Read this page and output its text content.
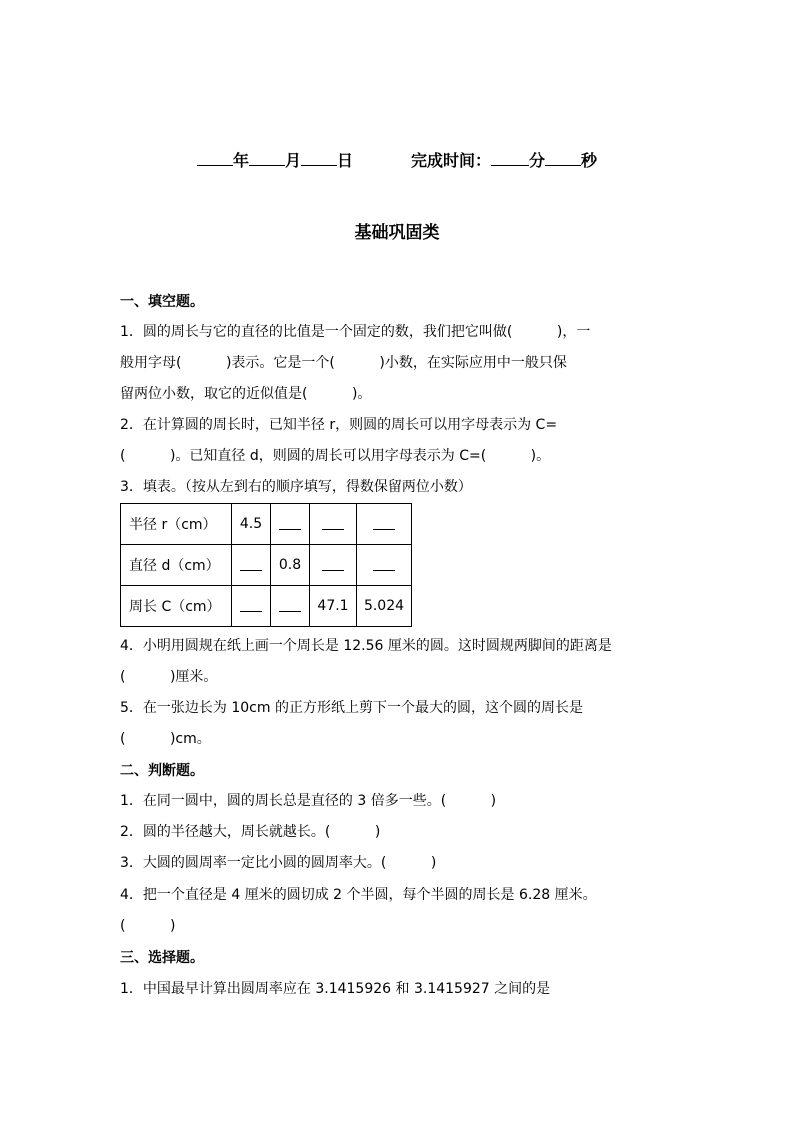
年 月 日	完成时间： 分 秒
基础巩固类
一、填空题。
1．圆的周长与它的直径的比值是一个固定的数，我们把它叫做(          )，一
般用字母(          )表示。它是一个(          )小数，在实际应用中一般只保
留两位小数，取它的近似值是(          )。
2．在计算圆的周长时，已知半径 r，则圆的周长可以用字母表示为 C=
(          )。已知直径 d，则圆的周长可以用字母表示为 C=(          )。
3．填表。（按从左到右的顺序填写，得数保留两位小数）
半径 r（cm）	4.5			
直径 d（cm）		0.8		
周长 C（cm）			47.1	5.024
4．小明用圆规在纸上画一个周长是 12.56 厘米的圆。这时圆规两脚间的距离是
(          )厘米。
5．在一张边长为 10cm 的正方形纸上剪下一个最大的圆，这个圆的周长是
(          )cm。
二、判断题。
1．在同一圆中，圆的周长总是直径的 3 倍多一些。(          )
2．圆的半径越大，周长就越长。(          )
3．大圆的圆周率一定比小圆的圆周率大。(          )
4．把一个直径是 4 厘米的圆切成 2 个半圆，每个半圆的周长是 6.28 厘米。
(          )
三、选择题。
1．中国最早计算出圆周率应在 3.1415926 和 3.1415927 之间的是
